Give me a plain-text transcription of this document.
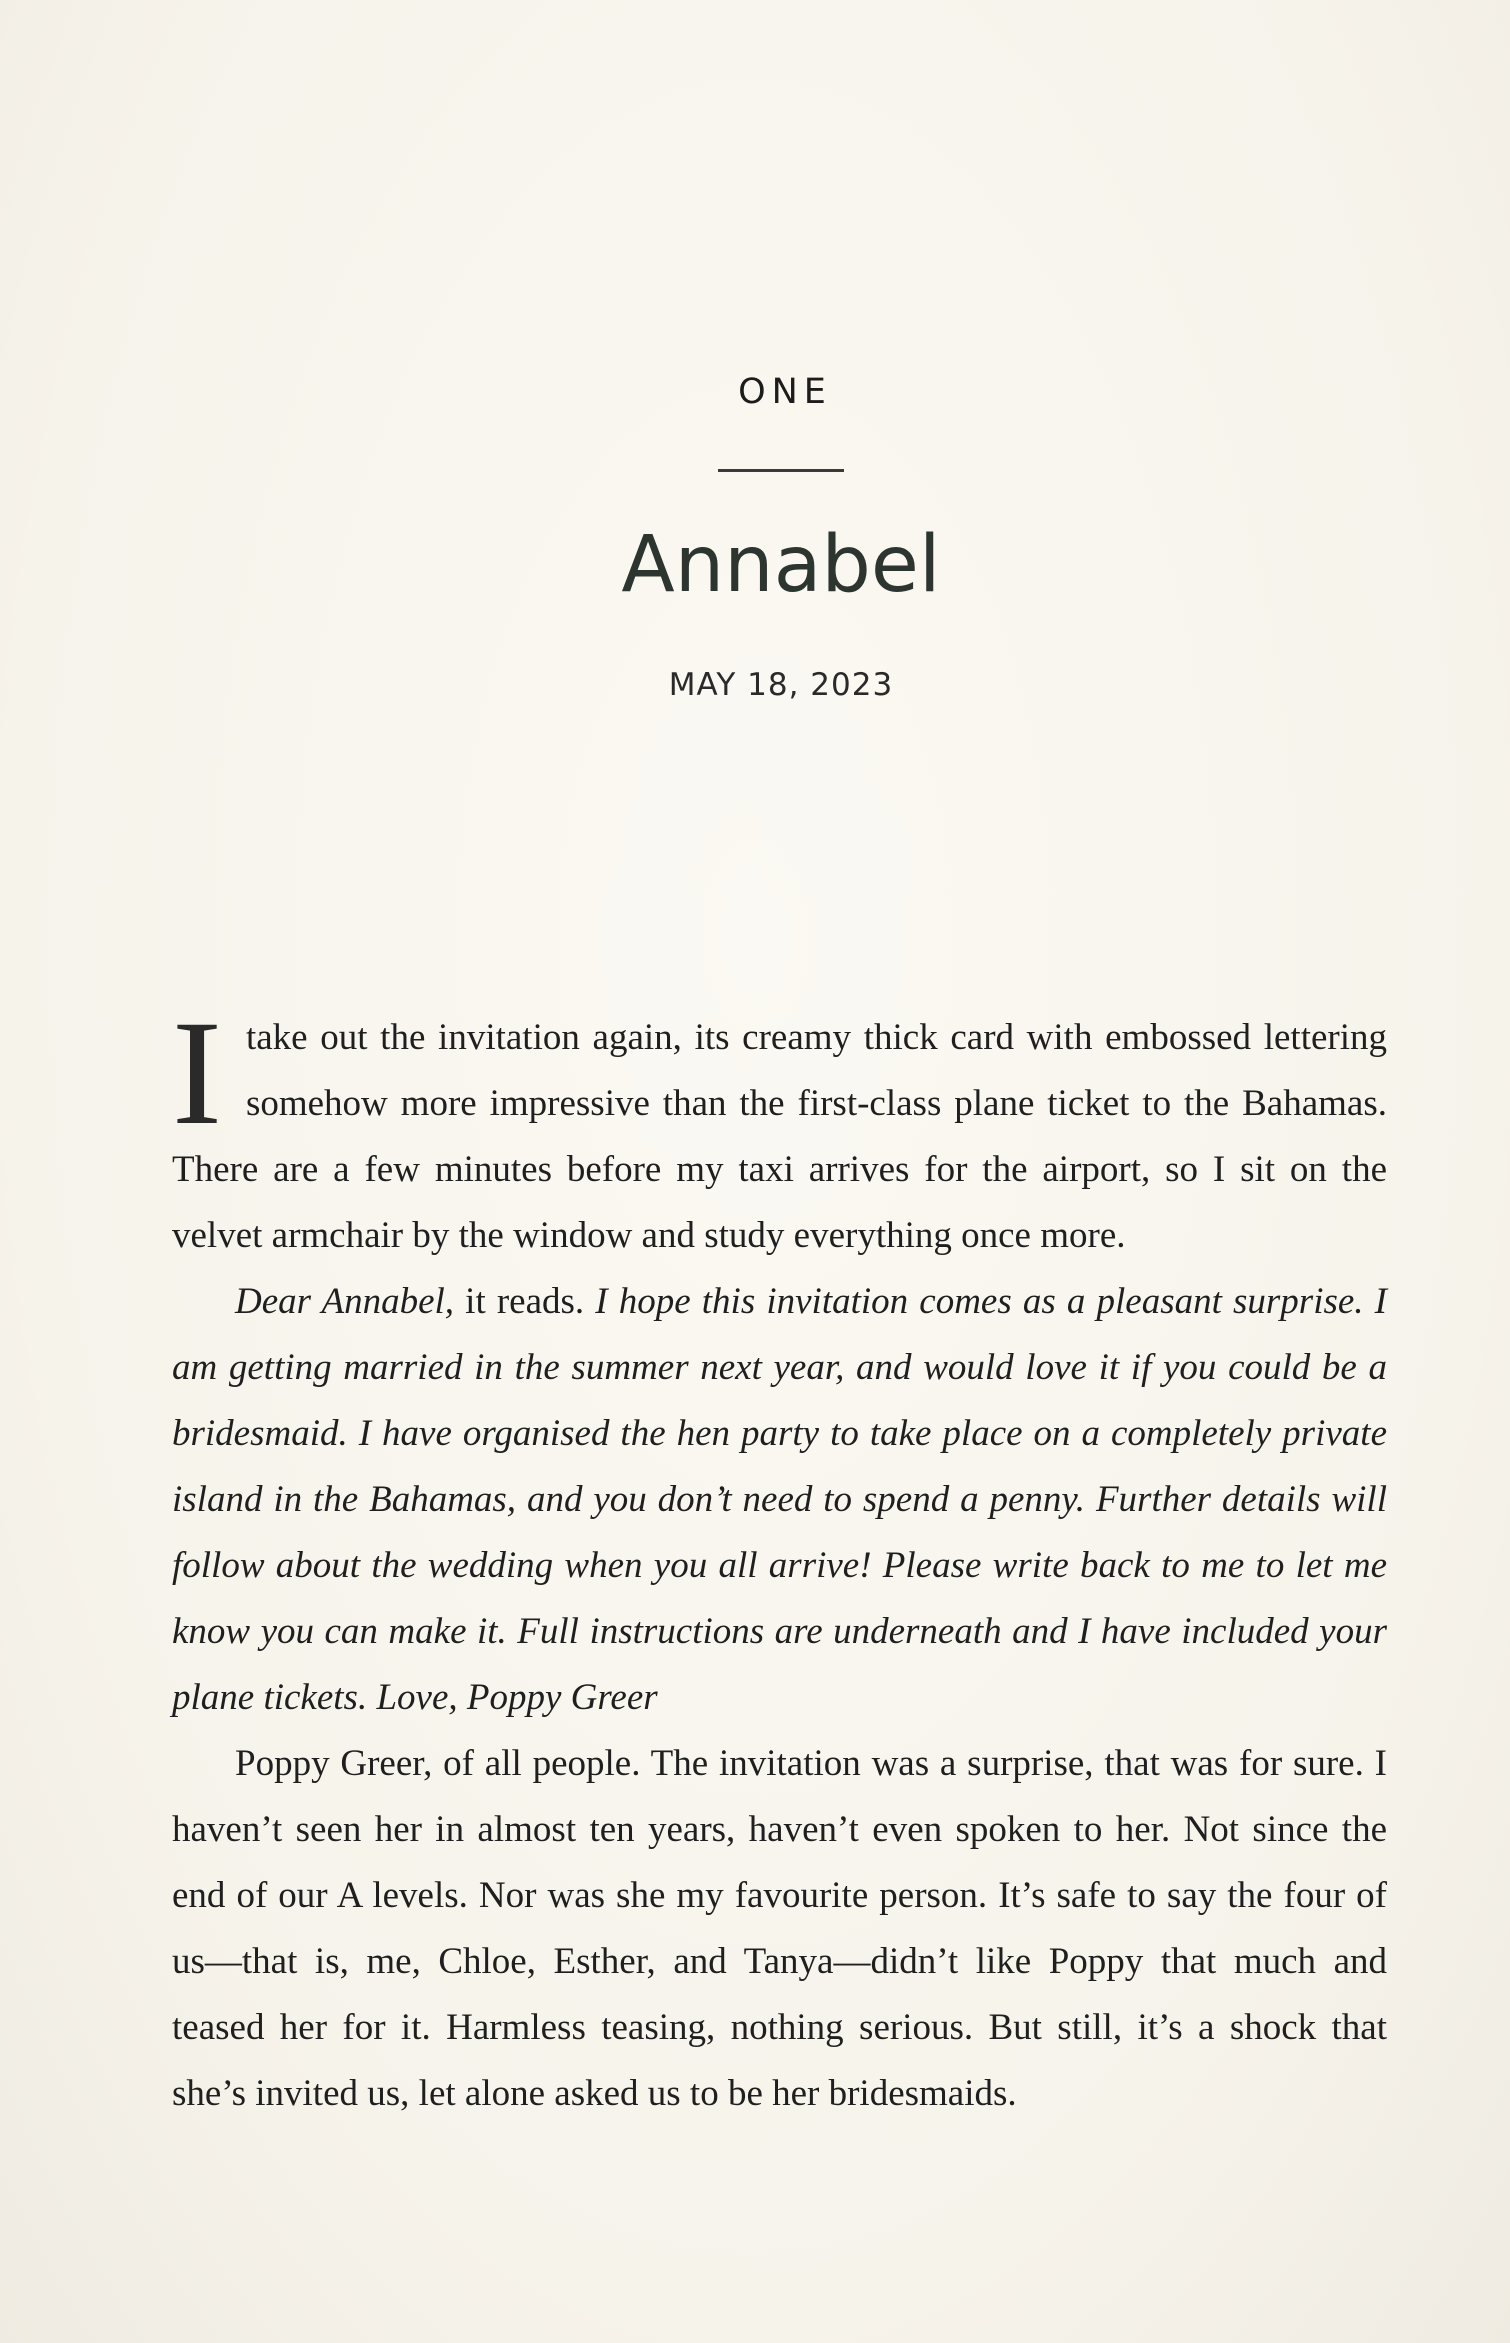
ONE
Annabel
MAY 18, 2023

Itake out the invitation again, its creamy thick card with embossed lettering somehow more impressive than the first-class plane ticket to the Bahamas. There are a few minutes before my taxi arrives for the airport, so I sit on the velvet armchair by the window and study everything once more.

Dear Annabel, it reads. I hope this invitation comes as a pleasant surprise. I am getting married in the summer next year, and would love it if you could be a bridesmaid. I have organised the hen party to take place on a completely private island in the Bahamas, and you don’t need to spend a penny. Further details will follow about the wedding when you all arrive! Please write back to me to let me know you can make it. Full instructions are underneath and I have included your plane tickets. Love, Poppy Greer

Poppy Greer, of all people. The invitation was a surprise, that was for sure. I haven’t seen her in almost ten years, haven’t even spoken to her. Not since the end of our A levels. Nor was she my favourite person. It’s safe to say the four of us—that is, me, Chloe, Esther, and Tanya—didn’t like Poppy that much and teased her for it. Harmless teasing, nothing serious. But still, it’s a shock that she’s invited us, let alone asked us to be her bridesmaids.
